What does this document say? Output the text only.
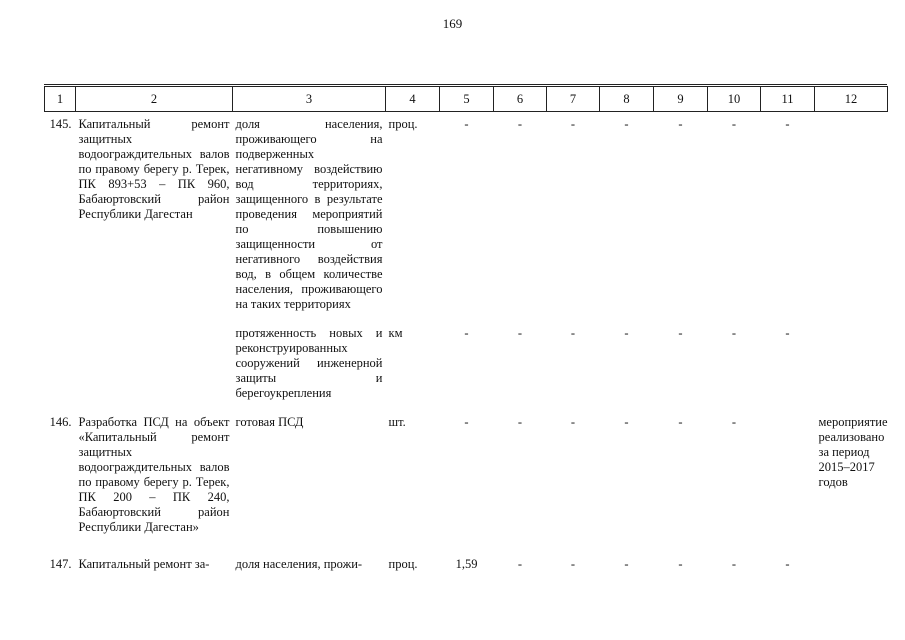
169
1	2	3	4	5	6	7	8	9	10	11	12
145.	Капитальный ремонт защитных водоограждительных валов по правому берегу р. Терек, ПК 893+53 – ПК 960, Бабаюртовский район Республики Дагестан	доля населения, проживающего на подверженных негативному воздействию вод территориях, защищенного в результате проведения мероприятий по повышению защищенности от негативного воздействия вод, в общем количестве населения, проживающего на таких территориях	проц.	-	-	-	-	-	-	-	
		протяженность новых и реконструированных сооружений инженерной защиты и берегоукрепления	км	-	-	-	-	-	-	-	
146.	Разработка ПСД на объект «Капитальный ремонт защитных водоограждительных валов по правому берегу р. Терек, ПК 200 – ПК 240, Бабаюртовский район Республики Дагестан»	готовая ПСД	шт.	-	-	-	-	-	-		мероприятие реализовано за период 2015–2017 годов
147.	Капитальный ремонт за-	доля населения, прожи-	проц.	1,59	-	-	-	-	-	-	
